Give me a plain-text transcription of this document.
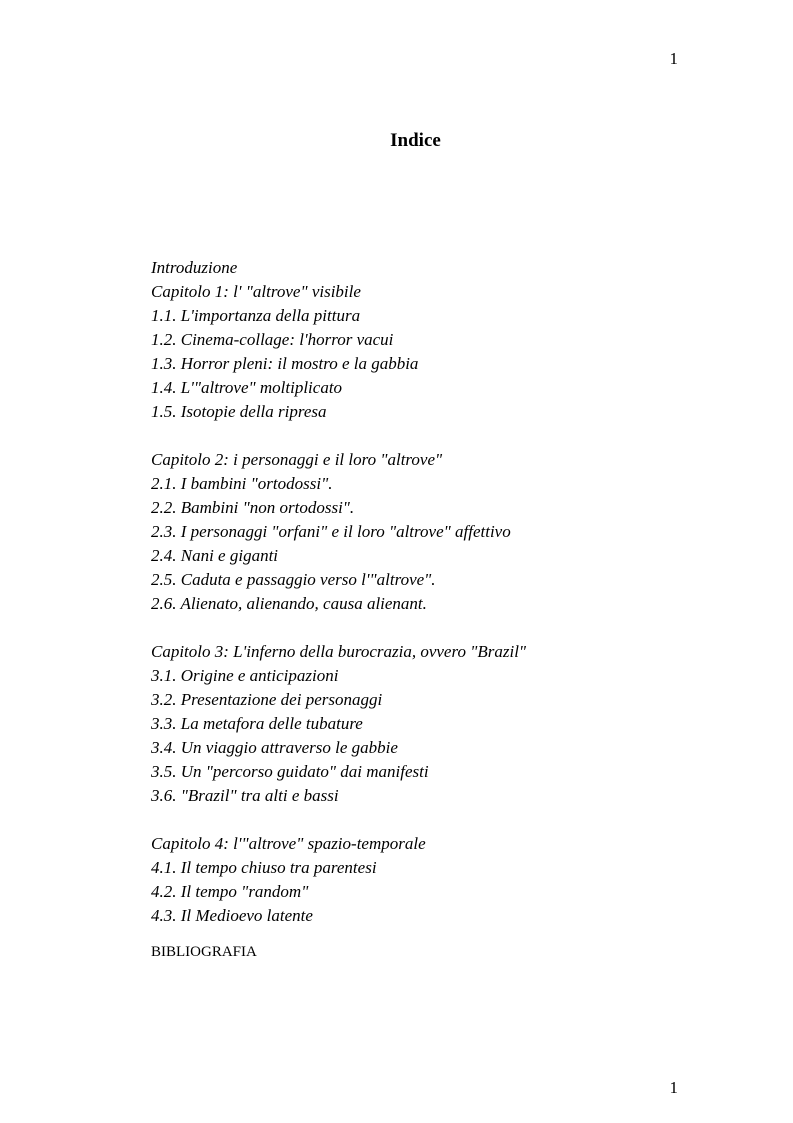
1
Indice
Introduzione
Capitolo 1: l' "altrove" visibile
1.1. L'importanza della pittura
1.2. Cinema-collage: l'horror vacui
1.3. Horror pleni: il mostro e la gabbia
1.4. L'"altrove" moltiplicato
1.5. Isotopie della ripresa
Capitolo 2: i personaggi e il loro "altrove"
2.1. I bambini "ortodossi".
2.2. Bambini "non ortodossi".
2.3. I personaggi "orfani" e il loro "altrove" affettivo
2.4. Nani e giganti
2.5. Caduta e passaggio verso l'"altrove".
2.6. Alienato, alienando, causa alienant.
Capitolo 3: L'inferno della burocrazia, ovvero "Brazil"
3.1. Origine e anticipazioni
3.2. Presentazione dei personaggi
3.3. La metafora delle tubature
3.4. Un viaggio attraverso le gabbie
3.5. Un "percorso guidato" dai manifesti
3.6. "Brazil" tra alti e bassi
Capitolo 4: l'"altrove" spazio-temporale
4.1. Il tempo chiuso tra parentesi
4.2. Il tempo "random"
4.3. Il Medioevo latente
BIBLIOGRAFIA
1
